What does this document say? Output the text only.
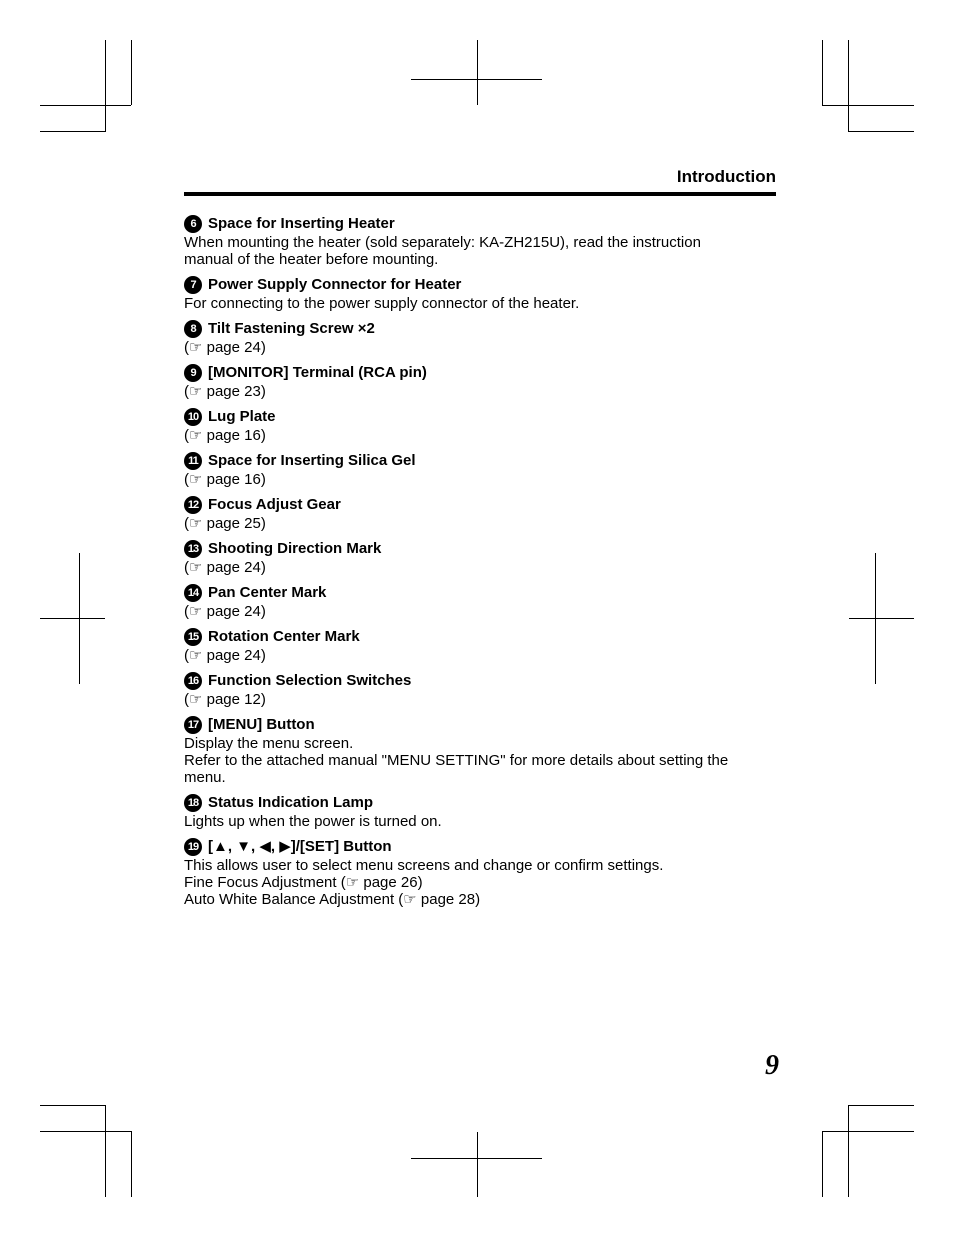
Introduction
6 Space for Inserting Heater
When mounting the heater (sold separately: KA-ZH215U), read the instruction
manual of the heater before mounting.
7 Power Supply Connector for Heater
For connecting to the power supply connector of the heater.
8 Tilt Fastening Screw ×2
(☞ page 24)
9 [MONITOR] Terminal (RCA pin)
(☞ page 23)
10 Lug Plate
(☞ page 16)
11 Space for Inserting Silica Gel
(☞ page 16)
12 Focus Adjust Gear
(☞ page 25)
13 Shooting Direction Mark
(☞ page 24)
14 Pan Center Mark
(☞ page 24)
15 Rotation Center Mark
(☞ page 24)
16 Function Selection Switches
(☞ page 12)
17 [MENU] Button
Display the menu screen.
Refer to the attached manual "MENU SETTING" for more details about setting the
menu.
18 Status Indication Lamp
Lights up when the power is turned on.
19 [▲, ▼, ◀, ▶]/[SET] Button
This allows user to select menu screens and change or confirm settings.
Fine Focus Adjustment (☞ page 26)
Auto White Balance Adjustment (☞ page 28)
9
